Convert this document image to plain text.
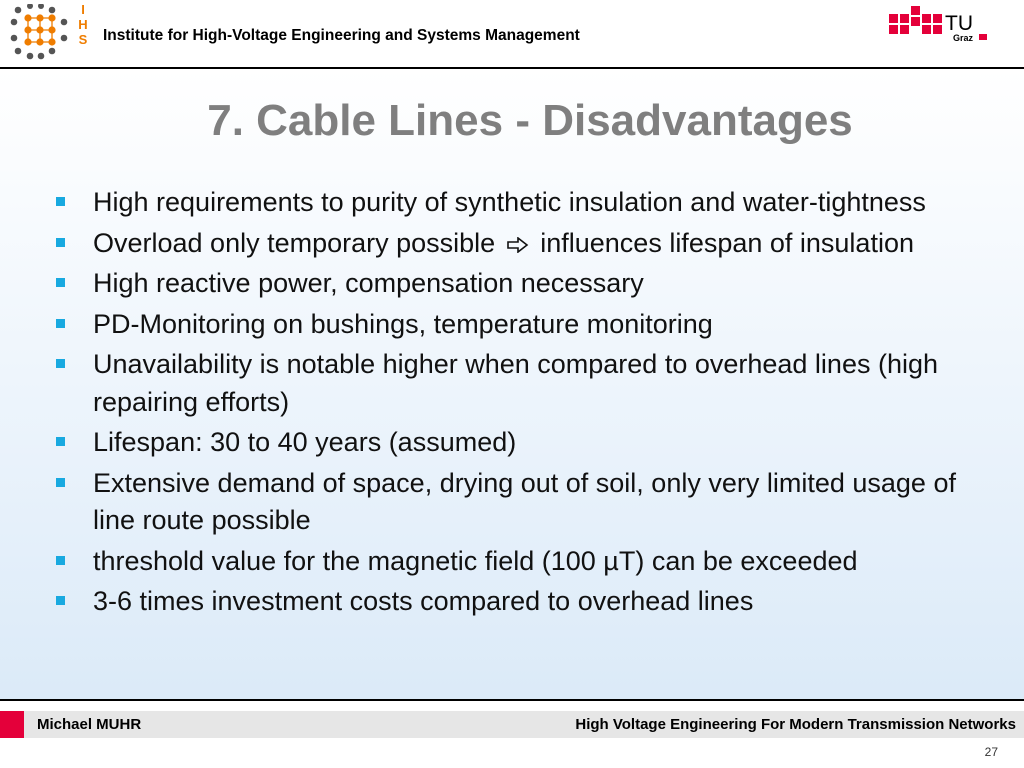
I
H
S Institute for High-Voltage Engineering and Systems Management
TU
Graz
7. Cable Lines - Disadvantages
High requirements to purity of synthetic insulation and water-tightness
Overload only temporary possible influences lifespan of insulation
High reactive power, compensation necessary
PD-Monitoring on bushings, temperature monitoring
Unavailability is notable higher when compared to overhead lines (high repairing efforts)
Lifespan: 30 to 40 years (assumed)
Extensive demand of space, drying out of soil, only very limited usage of line route possible
threshold value for the magnetic field (100 µT) can be exceeded
3-6 times investment costs compared to overhead lines
Michael MUHR	High Voltage Engineering For Modern Transmission Networks
27
